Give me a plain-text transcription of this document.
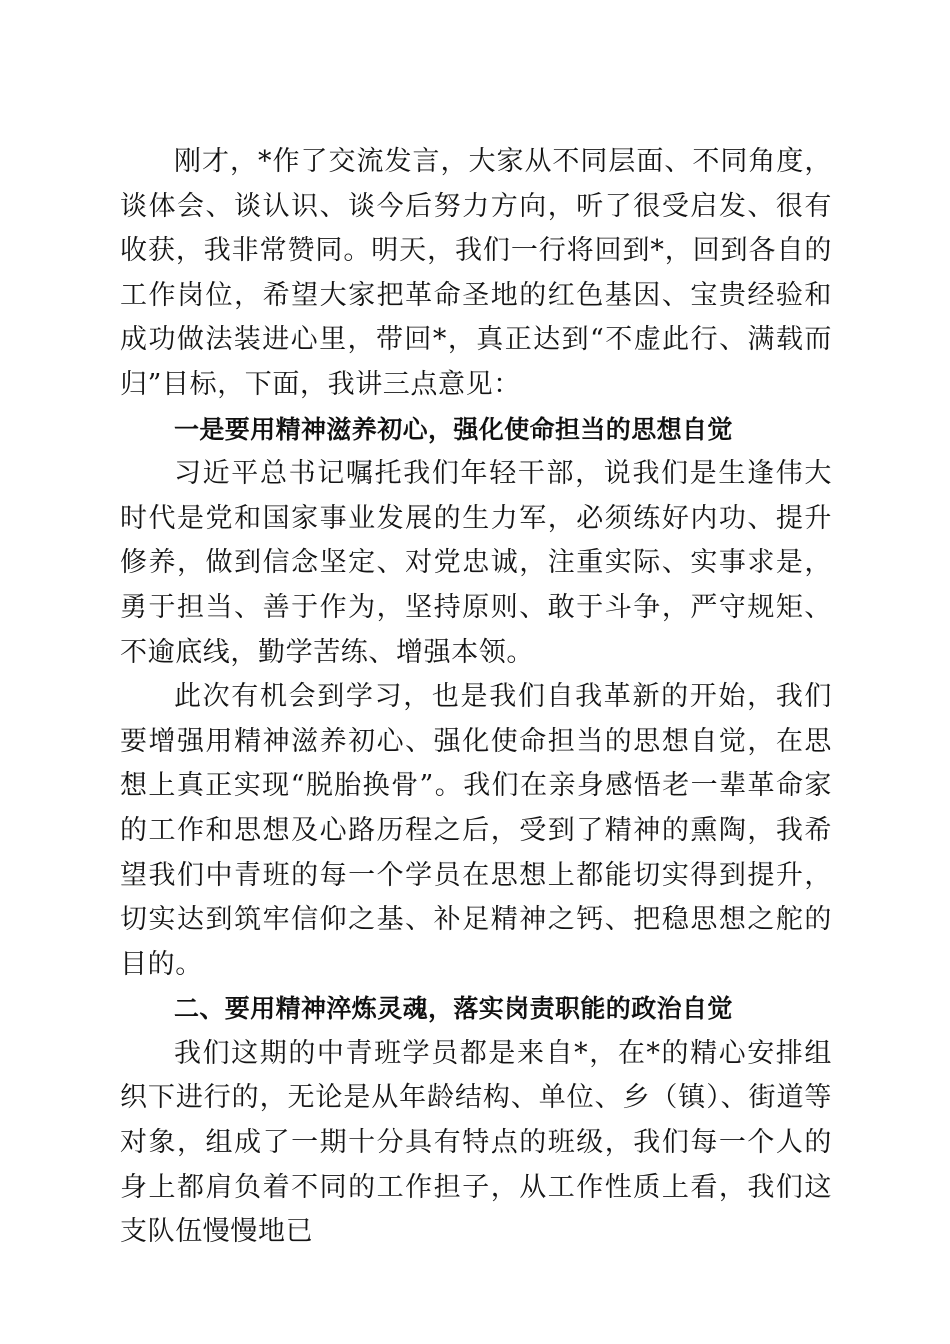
刚才，*作了交流发言，大家从不同层面、不同角度，谈体会、谈认识、谈今后努力方向，听了很受启发、很有收获，我非常赞同。明天，我们一行将回到*，回到各自的工作岗位，希望大家把革命圣地的红色基因、宝贵经验和成功做法装进心里，带回*，真正达到“不虚此行、满载而归”目标，下面，我讲三点意见：

一是要用精神滋养初心，强化使命担当的思想自觉

习近平总书记嘱托我们年轻干部，说我们是生逢伟大时代是党和国家事业发展的生力军，必须练好内功、提升修养，做到信念坚定、对党忠诚，注重实际、实事求是，勇于担当、善于作为，坚持原则、敢于斗争，严守规矩、不逾底线，勤学苦练、增强本领。

此次有机会到学习，也是我们自我革新的开始，我们要增强用精神滋养初心、强化使命担当的思想自觉，在思想上真正实现“脱胎换骨”。我们在亲身感悟老一辈革命家的工作和思想及心路历程之后，受到了精神的熏陶，我希望我们中青班的每一个学员在思想上都能切实得到提升，切实达到筑牢信仰之基、补足精神之钙、把稳思想之舵的目的。

二、要用精神淬炼灵魂，落实岗责职能的政治自觉

我们这期的中青班学员都是来自*，在*的精心安排组织下进行的，无论是从年龄结构、单位、乡（镇）、街道等对象，组成了一期十分具有特点的班级，我们每一个人的身上都肩负着不同的工作担子，从工作性质上看，我们这支队伍慢慢地已
